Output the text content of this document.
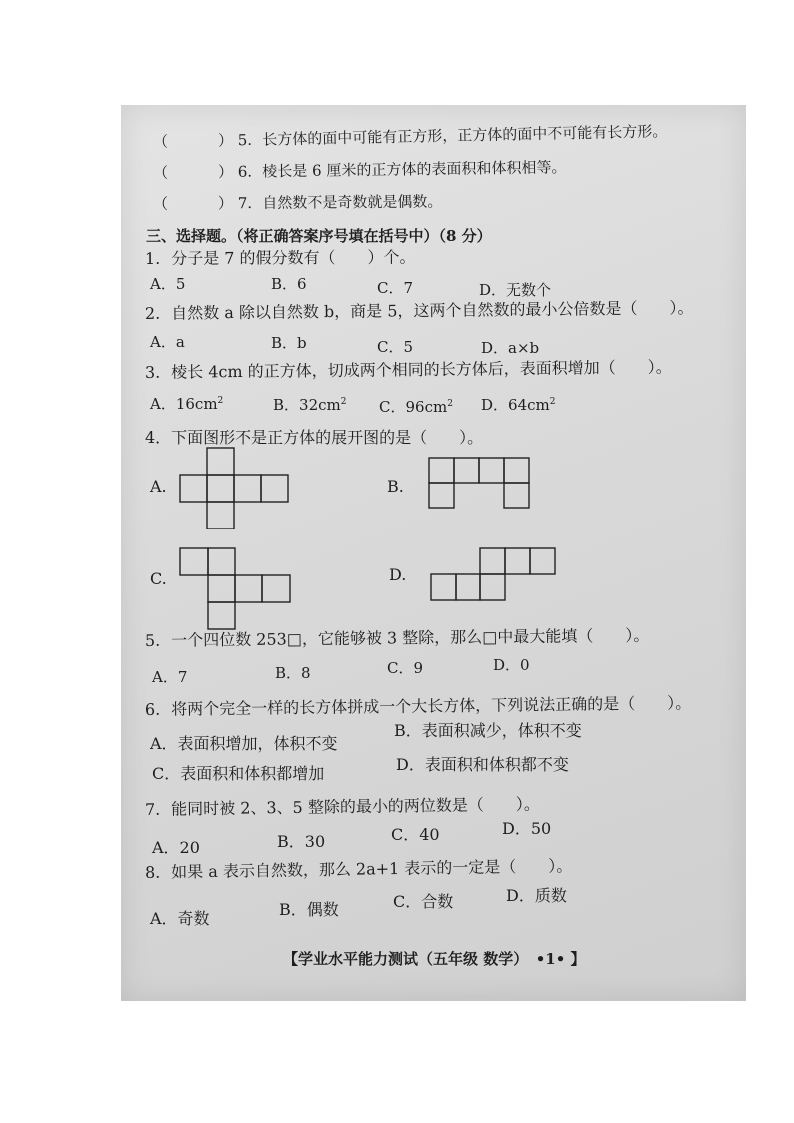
（	） 5．长方体的面中可能有正方形，正方体的面中不可能有长方形。
（	） 6．棱长是 6 厘米的正方体的表面积和体积相等。
（	） 7．自然数不是奇数就是偶数。
三、选择题。（将正确答案序号填在括号中）（8 分）
1．分子是 7 的假分数有（　　）个。
A．5	B．6	C．7	D．无数个
2．自然数 a 除以自然数 b，商是 5，这两个自然数的最小公倍数是（　　）。
A．a	B．b	C．5	D．a×b
3．棱长 4cm 的正方体，切成两个相同的长方体后，表面积增加（　　）。
A．$16cm^2$	B．$32cm^2$ C．$96cm^2$ D．$64cm^2$
4．下面图形不是正方体的展开图的是（　　）。
A.	B.
C.	D.
5．一个四位数 253□，它能够被 3 整除，那么□中最大能填（　　）。
A．7	B．8	C．9	D．0
6．将两个完全一样的长方体拼成一个大长方体，下列说法正确的是（　　）。
A．表面积增加，体积不变
B．表面积减少，体积不变
C．表面积和体积都增加	D．表面积和体积都不变
7．能同时被 2、3、5 整除的最小的两位数是（　　）。
A．20	B．30	C．40	D．50
8．如果 a 表示自然数，那么 2a+1 表示的一定是（　　）。
A．奇数	B．偶数	C．合数	D．质数
【学业水平能力测试（五年级 数学）　•1• 】
